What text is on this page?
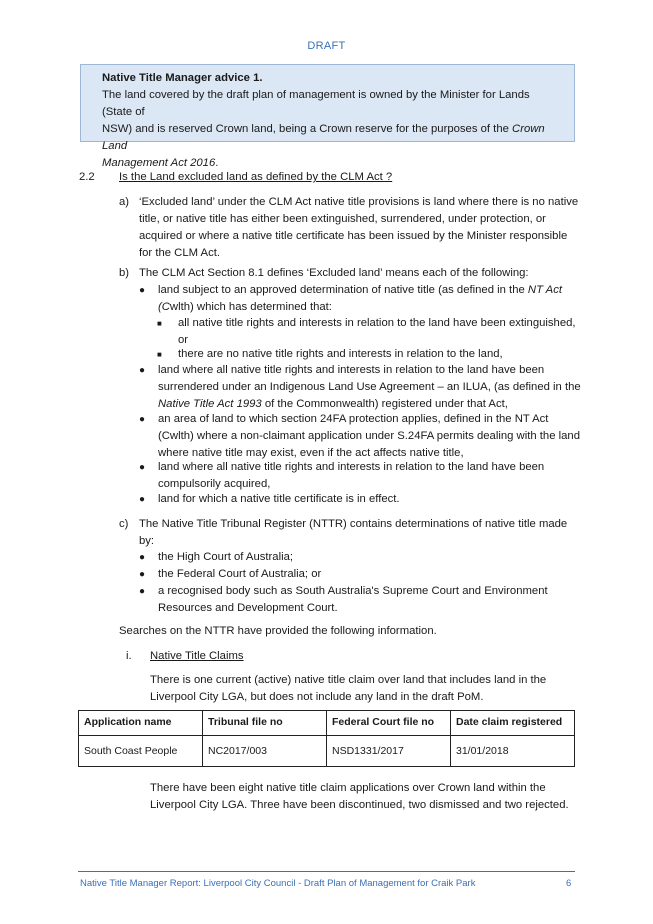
DRAFT
Native Title Manager advice 1.
The land covered by the draft plan of management is owned by the Minister for Lands (State of
NSW) and is reserved Crown land, being a Crown reserve for the purposes of the Crown Land
Management Act 2016.
2.2 Is the Land excluded land as defined by the CLM Act ?
a) ‘Excluded land’ under the CLM Act native title provisions is land where there is no native
title, or native title has either been extinguished, surrendered, under protection, or
acquired or where a native title certificate has been issued by the Minister responsible
for the CLM Act.
b) The CLM Act Section 8.1 defines ‘Excluded land’ means each of the following:
● land subject to an approved determination of native title (as defined in the NT Act
(Cwlth) which has determined that:
■ all native title rights and interests in relation to the land have been extinguished,
or
■ there are no native title rights and interests in relation to the land,
● land where all native title rights and interests in relation to the land have been
surrendered under an Indigenous Land Use Agreement – an ILUA, (as defined in the
Native Title Act 1993 of the Commonwealth) registered under that Act,
● an area of land to which section 24FA protection applies, defined in the NT Act
(Cwlth) where a non-claimant application under S.24FA permits dealing with the land
where native title may exist, even if the act affects native title,
● land where all native title rights and interests in relation to the land have been
compulsorily acquired,
● land for which a native title certificate is in effect.
c) The Native Title Tribunal Register (NTTR) contains determinations of native title made
by:
● the High Court of Australia;
● the Federal Court of Australia; or
● a recognised body such as South Australia's Supreme Court and Environment
Resources and Development Court.
Searches on the NTTR have provided the following information.
i. Native Title Claims
There is one current (active) native title claim over land that includes land in the
Liverpool City LGA, but does not include any land in the draft PoM.
Application name	Tribunal file no	Federal Court file no	Date claim registered
South Coast People	NC2017/003	NSD1331/2017	31/01/2018
There have been eight native title claim applications over Crown land within the
Liverpool City LGA. Three have been discontinued, two dismissed and two rejected.
Native Title Manager Report: Liverpool City Council - Draft Plan of Management for Craik Park	6
